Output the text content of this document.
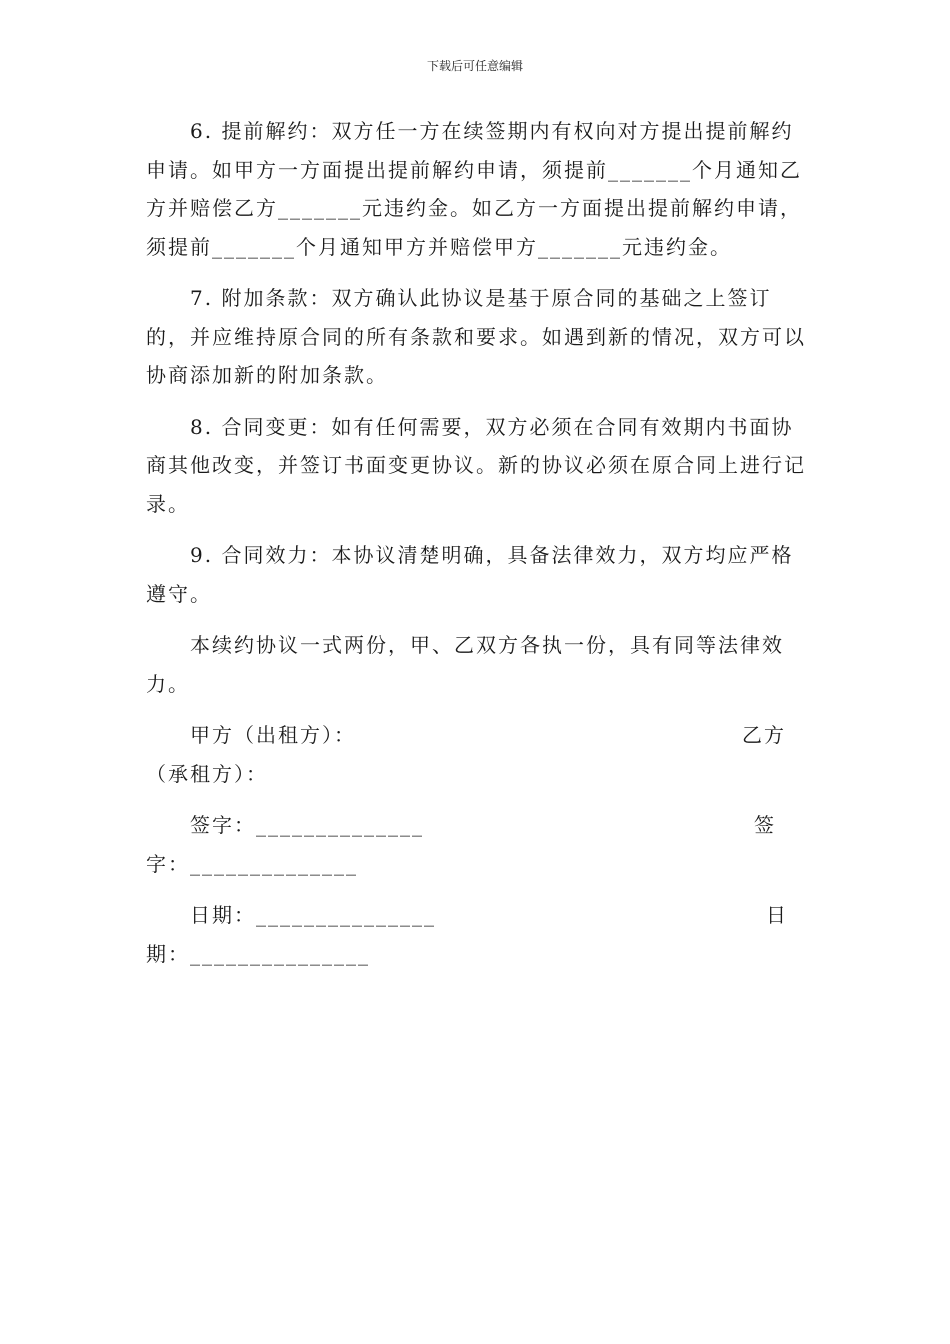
下载后可任意编辑

6. 提前解约：双方任一方在续签期内有权向对方提出提前解约申请。如甲方一方面提出提前解约申请，须提前_______个月通知乙方并赔偿乙方_______元违约金。如乙方一方面提出提前解约申请，须提前_______个月通知甲方并赔偿甲方_______元违约金。

7. 附加条款：双方确认此协议是基于原合同的基础之上签订的，并应维持原合同的所有条款和要求。如遇到新的情况，双方可以协商添加新的附加条款。

8. 合同变更：如有任何需要，双方必须在合同有效期内书面协商其他改变，并签订书面变更协议。新的协议必须在原合同上进行记录。

9. 合同效力：本协议清楚明确，具备法律效力，双方均应严格遵守。

本续约协议一式两份，甲、乙双方各执一份，具有同等法律效力。

甲方（出租方）：　　　　　　　　　　　　　　　　　　乙方（承租方）：

签字：______________　　　　　　　　　　　　　　　签字：______________

日期：_______________　　　　　　　　　　　　　　　日期：_______________
